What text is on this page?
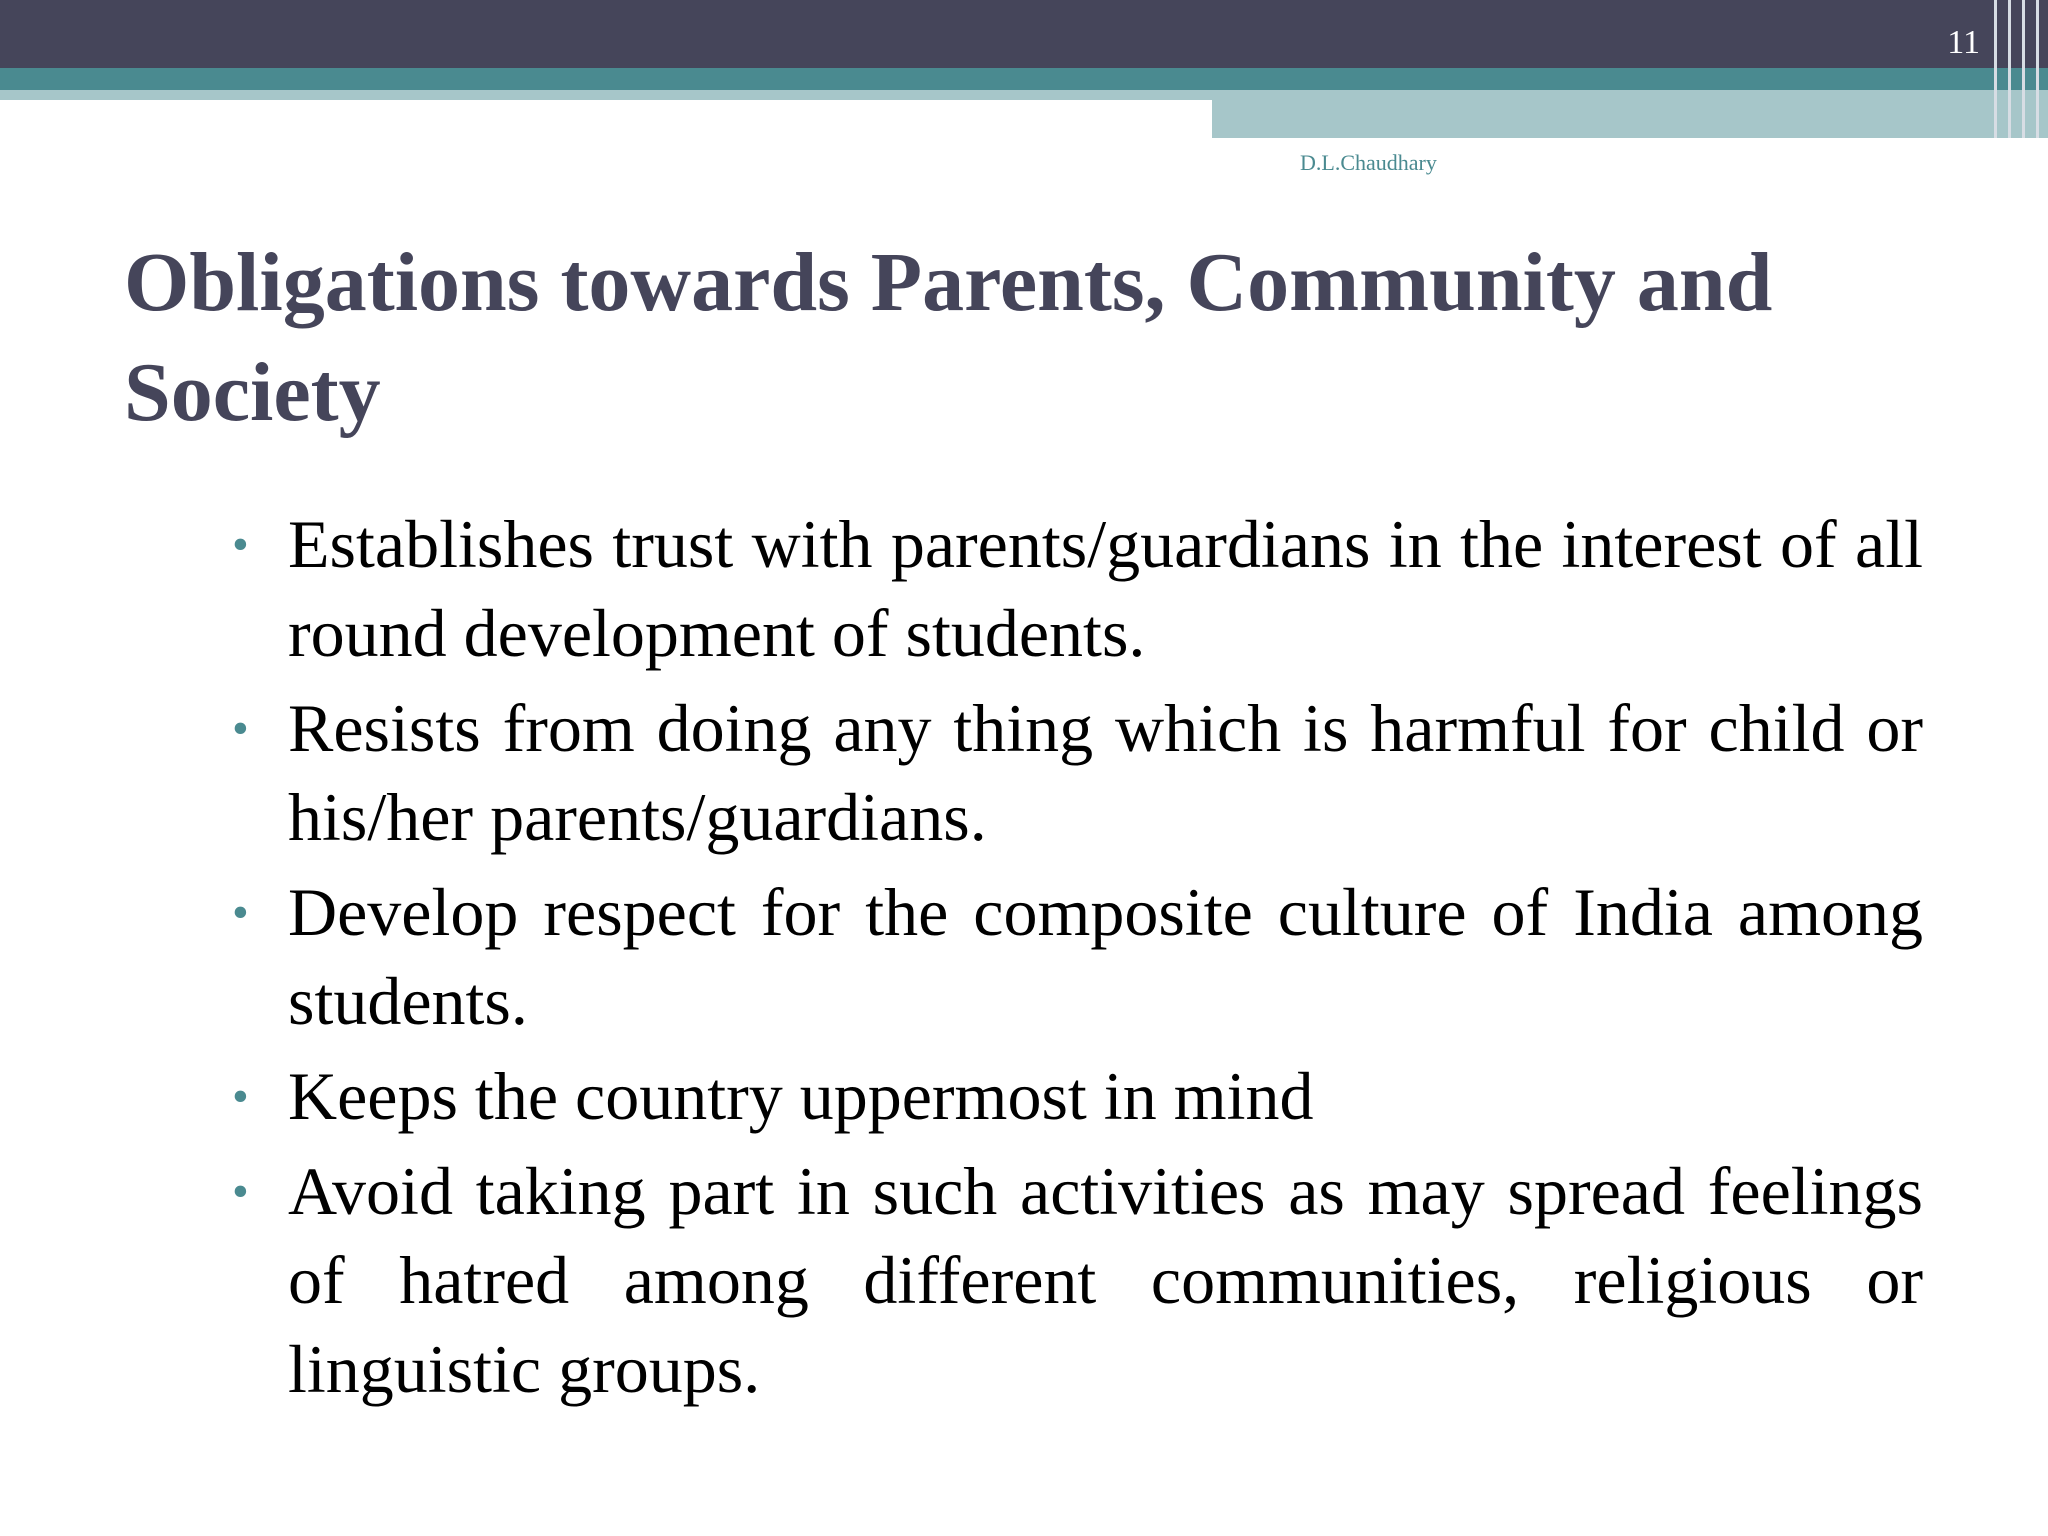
11
D.L.Chaudhary
Obligations towards Parents, Community and Society
• Establishes trust with parents/guardians in the interest of all round development of students.
• Resists from doing any thing which is harmful for child or his/her parents/guardians.
• Develop respect for the composite culture of India among students.
• Keeps the country uppermost in mind
• Avoid taking part in such activities as may spread feelings of hatred among different communities, religious or linguistic groups.
